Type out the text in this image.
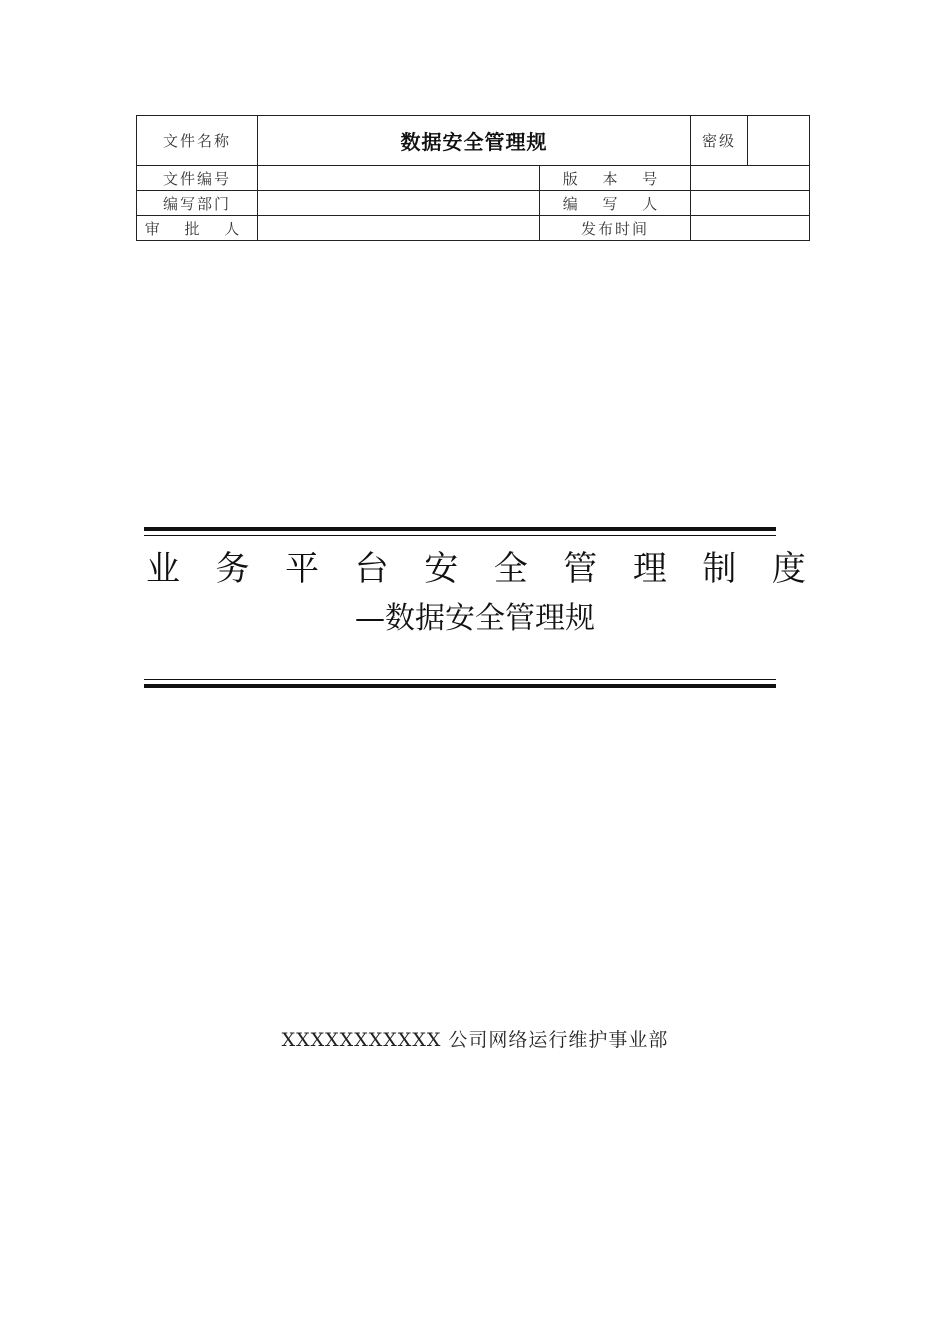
文件名称	数据安全管理规		密级	
文件编号		版 本 号		
编写部门		编 写 人		
审 批 人		发布时间		
业 务 平 台 安 全 管 理 制 度
—数据安全管理规
XXXXXXXXXXX 公司网络运行维护事业部
